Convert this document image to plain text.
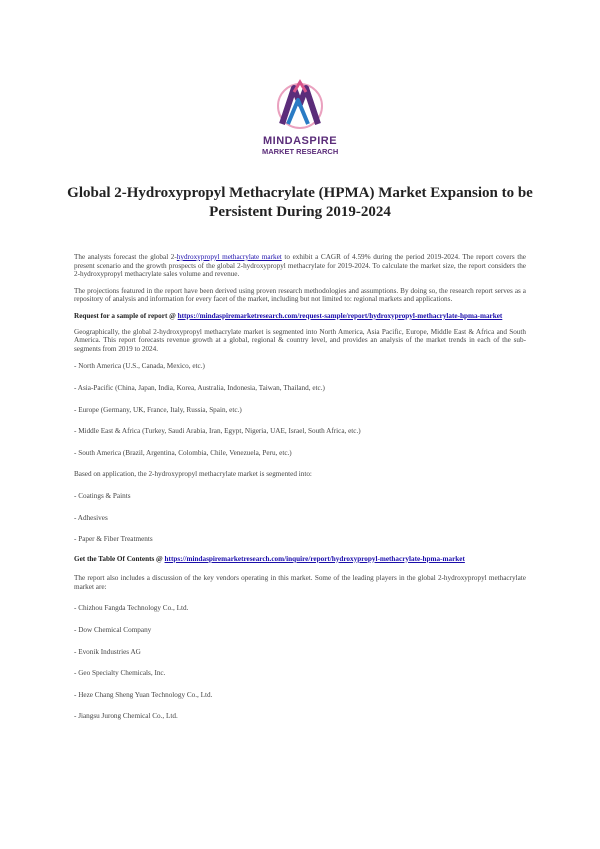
MINDASPIRE
MARKET RESEARCH
Global 2-Hydroxypropyl Methacrylate (HPMA) Market Expansion to be Persistent During 2019-2024

The analysts forecast the global 2-hydroxypropyl methacrylate market to exhibit a CAGR of 4.59% during the period 2019-2024. The report covers the present scenario and the growth prospects of the global 2-hydroxypropyl methacrylate for 2019-2024. To calculate the market size, the report considers the 2-hydroxypropyl methacrylate sales volume and revenue.

The projections featured in the report have been derived using proven research methodologies and assumptions. By doing so, the research report serves as a repository of analysis and information for every facet of the market, including but not limited to: regional markets and applications.

Request for a sample of report @ https://mindaspiremarketresearch.com/request-sample/report/hydroxypropyl-methacrylate-hpma-market

Geographically, the global 2-hydroxypropyl methacrylate market is segmented into North America, Asia Pacific, Europe, Middle East & Africa and South America. This report forecasts revenue growth at a global, regional & country level, and provides an analysis of the market trends in each of the sub-segments from 2019 to 2024.

- North America (U.S., Canada, Mexico, etc.)

- Asia-Pacific (China, Japan, India, Korea, Australia, Indonesia, Taiwan, Thailand, etc.)

- Europe (Germany, UK, France, Italy, Russia, Spain, etc.)

- Middle East & Africa (Turkey, Saudi Arabia, Iran, Egypt, Nigeria, UAE, Israel, South Africa, etc.)

- South America (Brazil, Argentina, Colombia, Chile, Venezuela, Peru, etc.)

Based on application, the 2-hydroxypropyl methacrylate market is segmented into:

- Coatings & Paints

- Adhesives

- Paper & Fiber Treatments

Get the Table Of Contents @ https://mindaspiremarketresearch.com/inquire/report/hydroxypropyl-methacrylate-hpma-market

The report also includes a discussion of the key vendors operating in this market. Some of the leading players in the global 2-hydroxypropyl methacrylate market are:

- Chizhou Fangda Technology Co., Ltd.

- Dow Chemical Company

- Evonik Industries AG

- Geo Specialty Chemicals, Inc.

- Heze Chang Sheng Yuan Technology Co., Ltd.

- Jiangsu Jurong Chemical Co., Ltd.
